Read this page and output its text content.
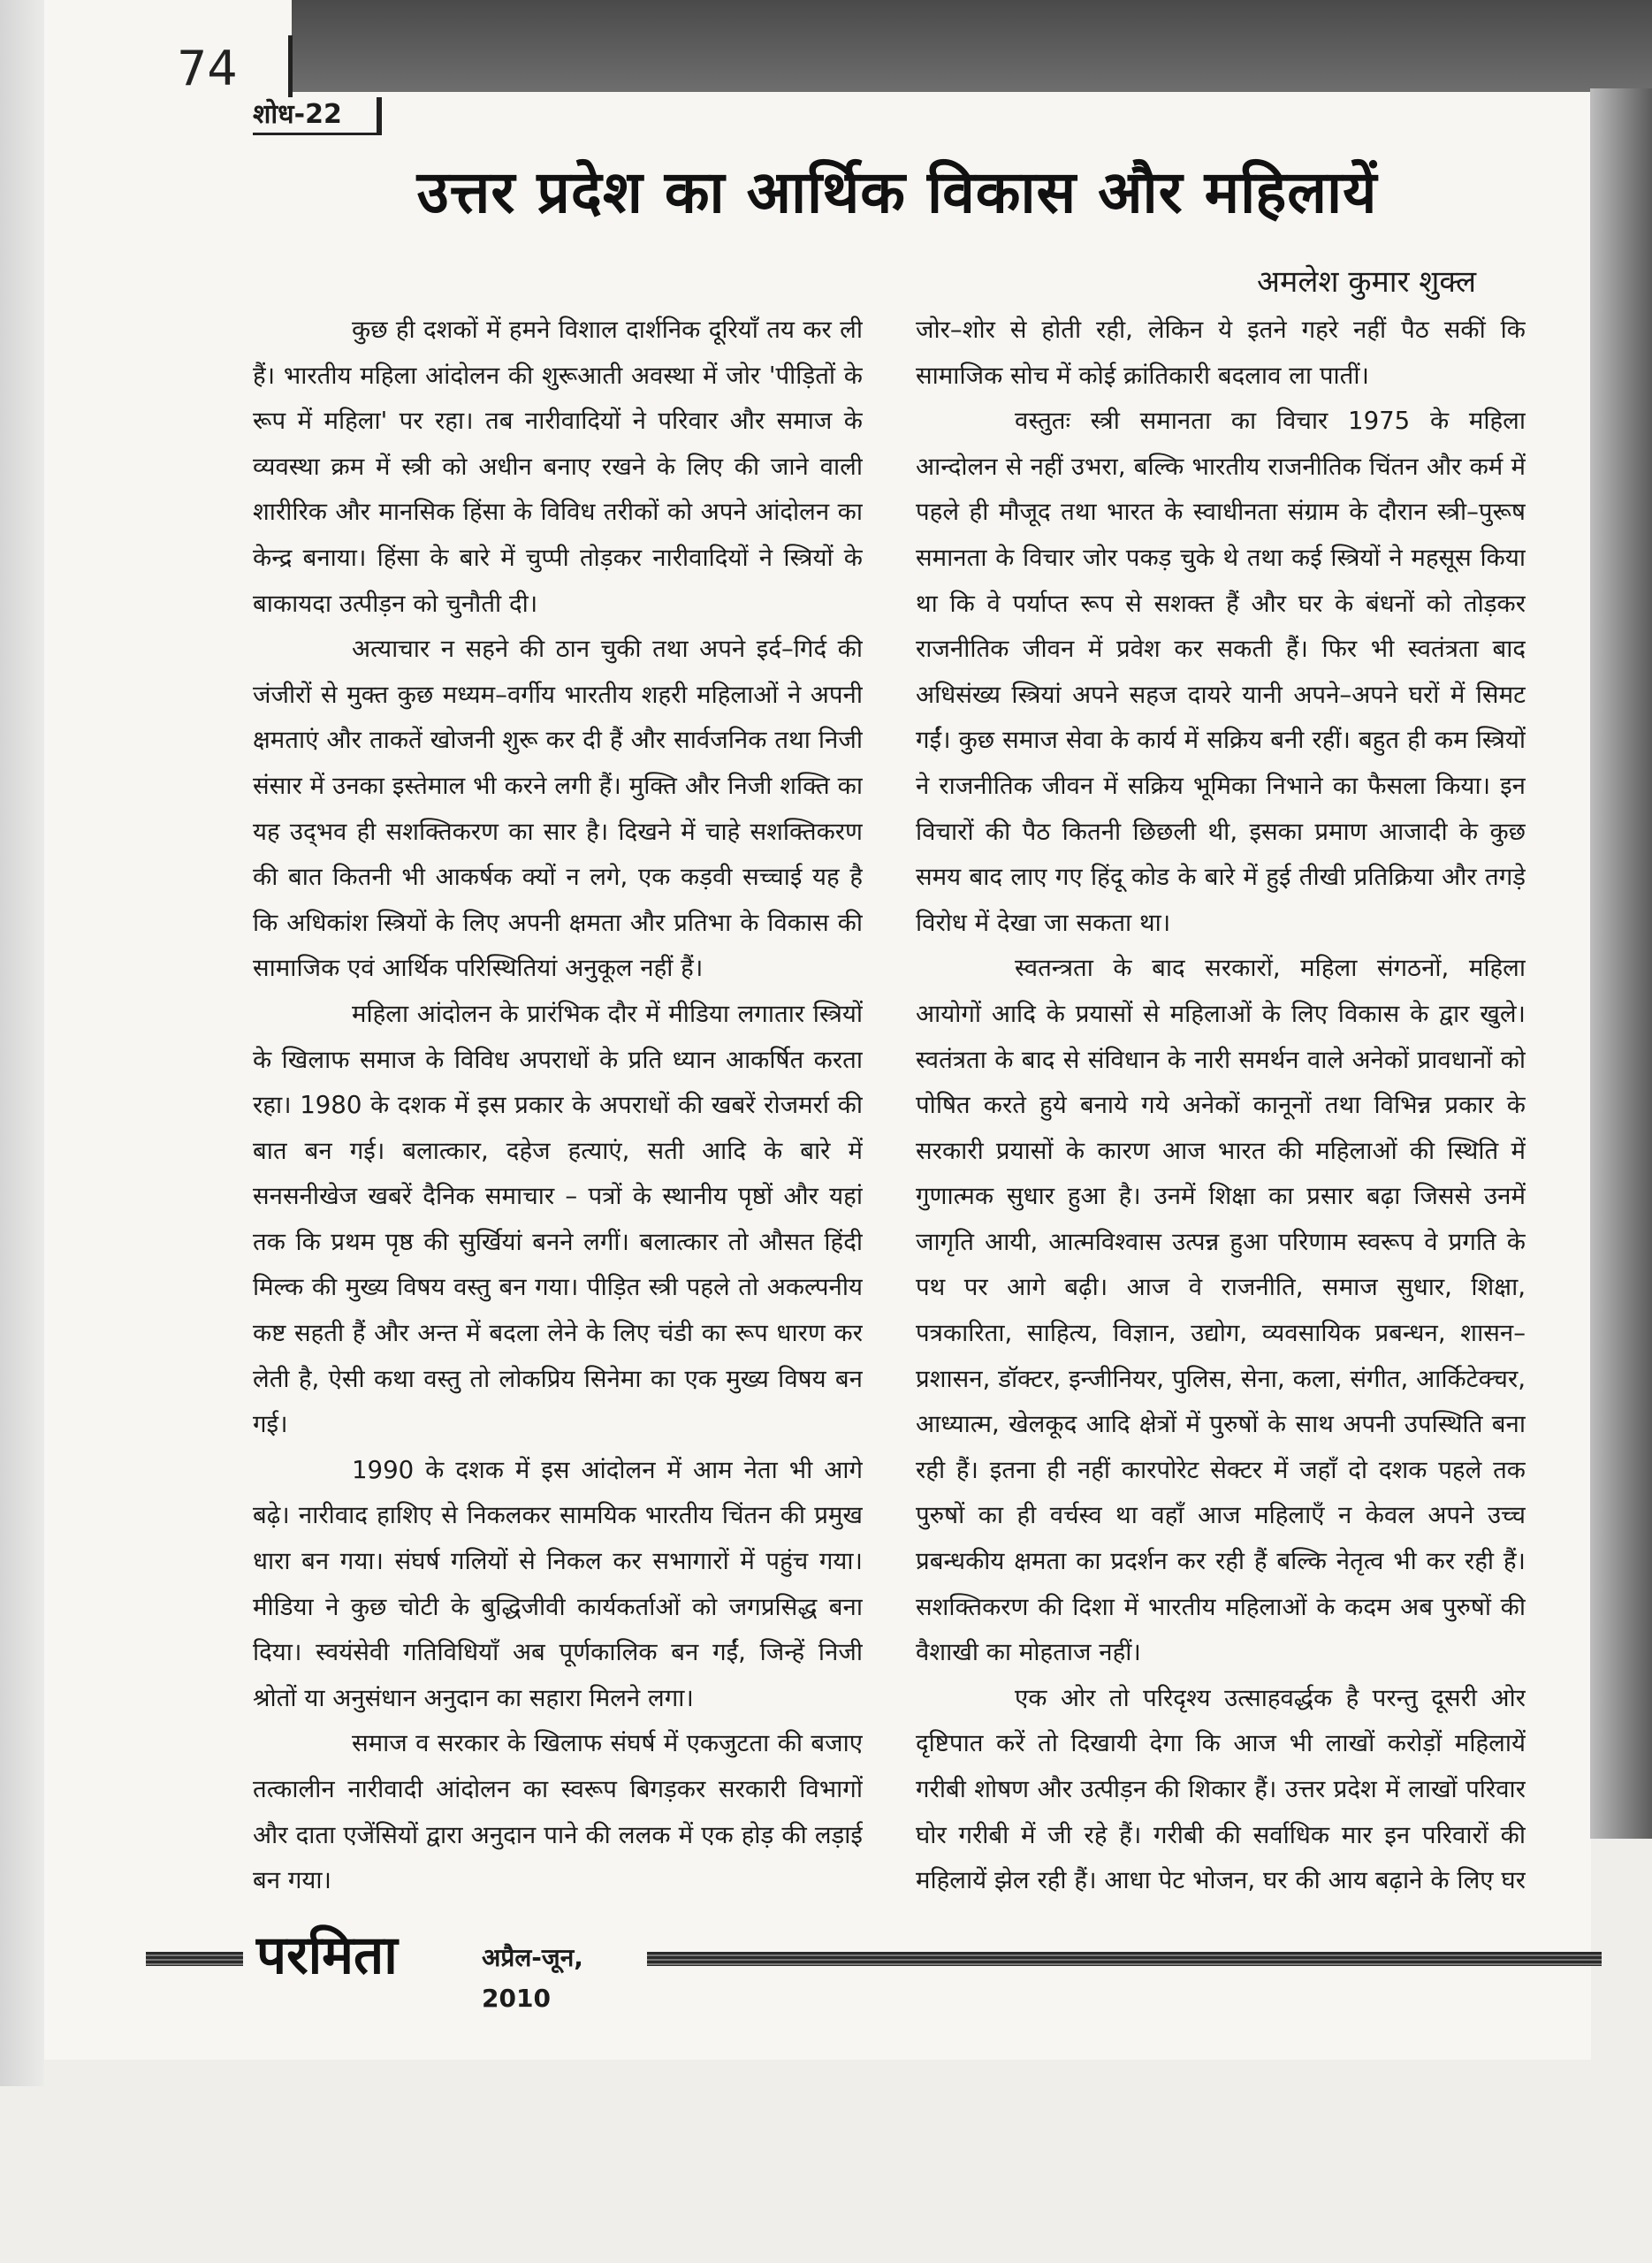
74
शोध-22
उत्तर प्रदेश का आर्थिक विकास और महिलायें
अमलेश कुमार शुक्ल

कुछ ही दशकों में हमने विशाल दार्शनिक दूरियाँ तय कर ली हैं। भारतीय महिला आंदोलन की शुरूआती अवस्था में जोर 'पीड़ितों के रूप में महिला' पर रहा। तब नारीवादियों ने परिवार और समाज के व्यवस्था क्रम में स्त्री को अधीन बनाए रखने के लिए की जाने वाली शारीरिक और मानसिक हिंसा के विविध तरीकों को अपने आंदोलन का केन्द्र बनाया। हिंसा के बारे में चुप्पी तोड़कर नारीवादियों ने स्त्रियों के बाकायदा उत्पीड़न को चुनौती दी।

अत्याचार न सहने की ठान चुकी तथा अपने इर्द–गिर्द की जंजीरों से मुक्त कुछ मध्यम–वर्गीय भारतीय शहरी महिलाओं ने अपनी क्षमताएं और ताकतें खोजनी शुरू कर दी हैं और सार्वजनिक तथा निजी संसार में उनका इस्तेमाल भी करने लगी हैं। मुक्ति और निजी शक्ति का यह उद्‌भव ही सशक्तिकरण का सार है। दिखने में चाहे सशक्तिकरण की बात कितनी भी आकर्षक क्यों न लगे, एक कड़वी सच्चाई यह है कि अधिकांश स्त्रियों के लिए अपनी क्षमता और प्रतिभा के विकास की सामाजिक एवं आर्थिक परिस्थितियां अनुकूल नहीं हैं।

महिला आंदोलन के प्रारंभिक दौर में मीडिया लगातार स्त्रियों के खिलाफ समाज के विविध अपराधों के प्रति ध्यान आकर्षित करता रहा। 1980 के दशक में इस प्रकार के अपराधों की खबरें रोजमर्रा की बात बन गई। बलात्कार, दहेज हत्याएं, सती आदि के बारे में सनसनीखेज खबरें दैनिक समाचार – पत्रों के स्थानीय पृष्ठों और यहां तक कि प्रथम पृष्ठ की सुर्खियां बनने लगीं। बलात्कार तो औसत हिंदी मिल्क की मुख्य विषय वस्तु बन गया। पीड़ित स्त्री पहले तो अकल्पनीय कष्ट सहती हैं और अन्त में बदला लेने के लिए चंडी का रूप धारण कर लेती है, ऐसी कथा वस्तु तो लोकप्रिय सिनेमा का एक मुख्य विषय बन गई।

1990 के दशक में इस आंदोलन में आम नेता भी आगे बढ़े। नारीवाद हाशिए से निकलकर सामयिक भारतीय चिंतन की प्रमुख धारा बन गया। संघर्ष गलियों से निकल कर सभागारों में पहुंच गया। मीडिया ने कुछ चोटी के बुद्धिजीवी कार्यकर्ताओं को जगप्रसिद्ध बना दिया। स्वयंसेवी गतिविधियाँ अब पूर्णकालिक बन गईं, जिन्हें निजी श्रोतों या अनुसंधान अनुदान का सहारा मिलने लगा।

समाज व सरकार के खिलाफ संघर्ष में एकजुटता की बजाए तत्कालीन नारीवादी आंदोलन का स्वरूप बिगड़कर सरकारी विभागों और दाता एजेंसियों द्वारा अनुदान पाने की ललक में एक होड़ की लड़ाई बन गया।

जोर–शोर से होती रही, लेकिन ये इतने गहरे नहीं पैठ सकीं कि सामाजिक सोच में कोई क्रांतिकारी बदलाव ला पातीं।

वस्तुतः स्त्री समानता का विचार 1975 के महिला आन्दोलन से नहीं उभरा, बल्कि भारतीय राजनीतिक चिंतन और कर्म में पहले ही मौजूद तथा भारत के स्वाधीनता संग्राम के दौरान स्त्री–पुरूष समानता के विचार जोर पकड़ चुके थे तथा कई स्त्रियों ने महसूस किया था कि वे पर्याप्त रूप से सशक्त हैं और घर के बंधनों को तोड़कर राजनीतिक जीवन में प्रवेश कर सकती हैं। फिर भी स्वतंत्रता बाद अधिसंख्य स्त्रियां अपने सहज दायरे यानी अपने–अपने घरों में सिमट गईं। कुछ समाज सेवा के कार्य में सक्रिय बनी रहीं। बहुत ही कम स्त्रियों ने राजनीतिक जीवन में सक्रिय भूमिका निभाने का फैसला किया। इन विचारों की पैठ कितनी छिछली थी, इसका प्रमाण आजादी के कुछ समय बाद लाए गए हिंदू कोड के बारे में हुई तीखी प्रतिक्रिया और तगड़े विरोध में देखा जा सकता था।

स्वतन्त्रता के बाद सरकारों, महिला संगठनों, महिला आयोगों आदि के प्रयासों से महिलाओं के लिए विकास के द्वार खुले। स्वतंत्रता के बाद से संविधान के नारी समर्थन वाले अनेकों प्रावधानों को पोषित करते हुये बनाये गये अनेकों कानूनों तथा विभिन्न प्रकार के सरकारी प्रयासों के कारण आज भारत की महिलाओं की स्थिति में गुणात्मक सुधार हुआ है। उनमें शिक्षा का प्रसार बढ़ा जिससे उनमें जागृति आयी, आत्मविश्वास उत्पन्न हुआ परिणाम स्वरूप वे प्रगति के पथ पर आगे बढ़ी। आज वे राजनीति, समाज सुधार, शिक्षा, पत्रकारिता, साहित्य, विज्ञान, उद्योग, व्यवसायिक प्रबन्धन, शासन–प्रशासन, डॉक्टर, इन्जीनियर, पुलिस, सेना, कला, संगीत, आर्किटेक्चर, आध्यात्म, खेलकूद आदि क्षेत्रों में पुरुषों के साथ अपनी उपस्थिति बना रही हैं। इतना ही नहीं कारपोरेट सेक्टर में जहाँ दो दशक पहले तक पुरुषों का ही वर्चस्व था वहाँ आज महिलाएँ न केवल अपने उच्च प्रबन्धकीय क्षमता का प्रदर्शन कर रही हैं बल्कि नेतृत्व भी कर रही हैं। सशक्तिकरण की दिशा में भारतीय महिलाओं के कदम अब पुरुषों की वैशाखी का मोहताज नहीं।

एक ओर तो परिदृश्य उत्साहवर्द्धक है परन्तु दूसरी ओर दृष्टिपात करें तो दिखायी देगा कि आज भी लाखों करोड़ों महिलायें गरीबी शोषण और उत्पीड़न की शिकार हैं। उत्तर प्रदेश में लाखों परिवार घोर गरीबी में जी रहे हैं। गरीबी की सर्वाधिक मार इन परिवारों की महिलायें झेल रही हैं। आधा पेट भोजन, घर की आय बढ़ाने के लिए घर

परमिता	अप्रैल-जून, 2010
